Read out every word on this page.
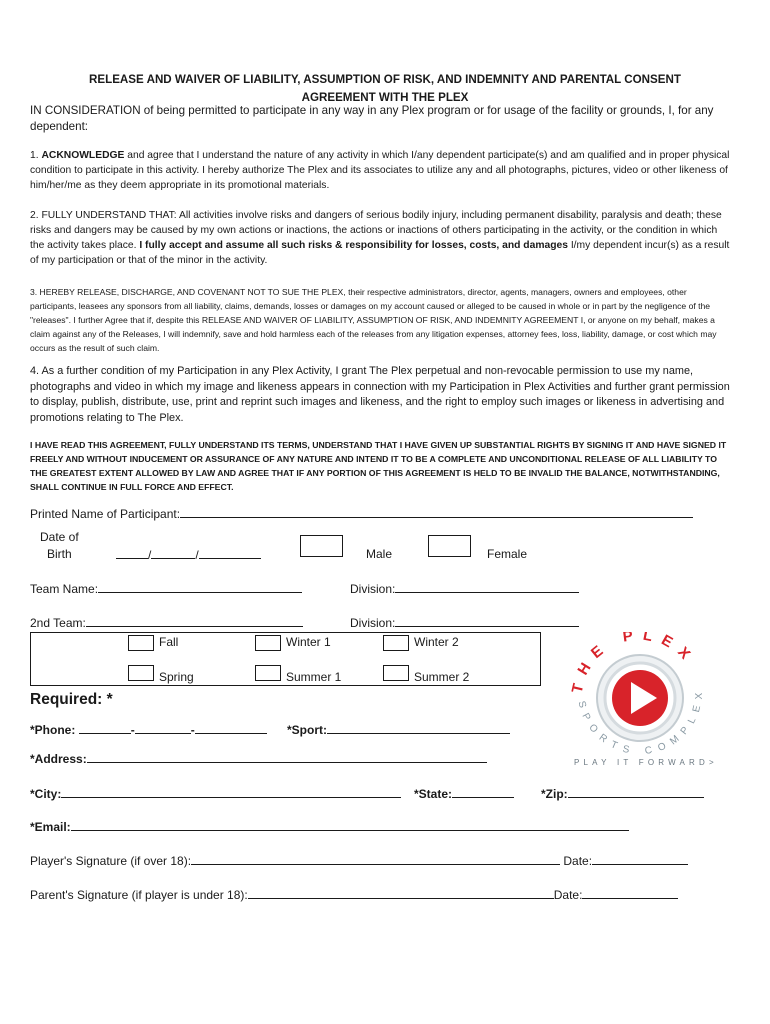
RELEASE AND WAIVER OF LIABILITY, ASSUMPTION OF RISK, AND INDEMNITY AND PARENTAL CONSENT
AGREEMENT WITH THE PLEX
IN CONSIDERATION of being permitted to participate in any way in any Plex program or for usage of the facility or grounds, I, for any dependent:
1. ACKNOWLEDGE and agree that I understand the nature of any activity in which I/any dependent participate(s) and am qualified and in proper physical condition to participate in this activity. I hereby authorize The Plex and its associates to utilize any and all photographs, pictures, video or other likeness of him/her/me as they deem appropriate in its promotional materials.
2. FULLY UNDERSTAND THAT: All activities involve risks and dangers of serious bodily injury, including permanent disability, paralysis and death; these risks and dangers may be caused by my own actions or inactions, the actions or inactions of others participating in the activity, or the condition in which the activity takes place. I fully accept and assume all such risks & responsibility for losses, costs, and damages I/my dependent incur(s) as a result of my participation or that of the minor in the activity.
3. HEREBY RELEASE, DISCHARGE, AND COVENANT NOT TO SUE THE PLEX, their respective administrators, director, agents, managers, owners and employees, other participants, leasees any sponsors from all liability, claims, demands, losses or damages on my account caused or alleged to be caused in whole or in part by the negligence of the "releases". I further Agree that if, despite this RELEASE AND WAIVER OF LIABILITY, ASSUMPTION OF RISK, AND INDEMNITY AGREEMENT I, or anyone on my behalf, makes a claim against any of the Releases, I will indemnify, save and hold harmless each of the releases from any litigation expenses, attorney fees, loss, liability, damage, or cost which may occurs as the result of such claim.
4. As a further condition of my Participation in any Plex Activity, I grant The Plex perpetual and non-revocable permission to use my name, photographs and video in which my image and likeness appears in connection with my Participation in Plex Activities and further grant permission to display, publish, distribute, use, print and reprint such images and likeness, and the right to employ such images or likeness in advertising and promotions relating to The Plex.
I HAVE READ THIS AGREEMENT, FULLY UNDERSTAND ITS TERMS, UNDERSTAND THAT I HAVE GIVEN UP SUBSTANTIAL RIGHTS BY SIGNING IT AND HAVE SIGNED IT FREELY AND WITHOUT INDUCEMENT OR ASSURANCE OF ANY NATURE AND INTEND IT TO BE A COMPLETE AND UNCONDITIONAL RELEASE OF ALL LIABILITY TO THE GREATEST EXTENT ALLOWED BY LAW AND AGREE THAT IF ANY PORTION OF THIS AGREEMENT IS HELD TO BE INVALID THE BALANCE, NOTWITHSTANDING, SHALL CONTINUE IN FULL FORCE AND EFFECT.
Printed Name of Participant:
Date of
Birth	/	/	Male	Female
Team Name:	Division:
2nd Team:	Division:
Fall	Winter 1	Winter 2
Spring	Summer 1	Summer 2	THE PLEX
SPORTS COMPLEX
PLAY IT FORWARD>
Required: *
*Phone:	-	-	*Sport:
*Address:
*City:	*State:	*Zip:
*Email:
Player's Signature (if over 18):	Date:
Parent's Signature (if player is under 18):	Date:
